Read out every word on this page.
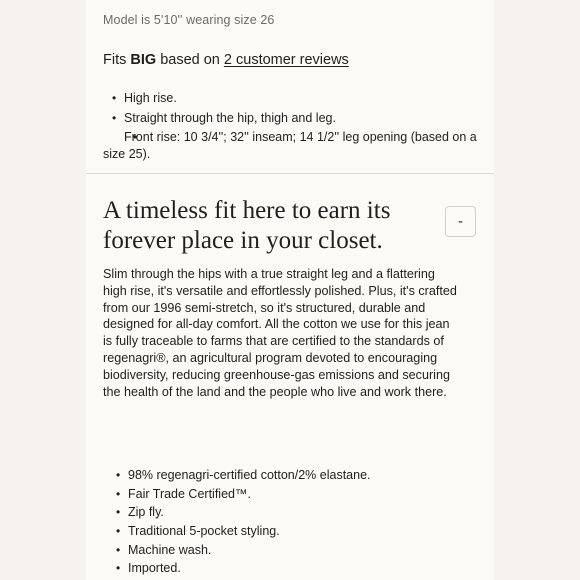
Model is 5'10'' wearing size 26
Fits BIG based on 2 customer reviews
• High rise.
• Straight through the hip, thigh and leg.
• Front rise: 10 3/4''; 32'' inseam; 14 1/2'' leg opening (based on a size 25).
A timeless fit here to earn its forever place in your closet.
-
Slim through the hips with a true straight leg and a flattering high rise, it's versatile and effortlessly polished. Plus, it's crafted from our 1996 semi-stretch, so it's structured, durable and designed for all-day comfort. All the cotton we use for this jean is fully traceable to farms that are certified to the standards of regenagri®, an agricultural program devoted to encouraging biodiversity, reducing greenhouse-gas emissions and securing the health of the land and the people who live and work there.
• 98% regenagri-certified cotton/2% elastane.
• Fair Trade Certified™.
• Zip fly.
• Traditional 5-pocket styling.
• Machine wash.
• Imported.
